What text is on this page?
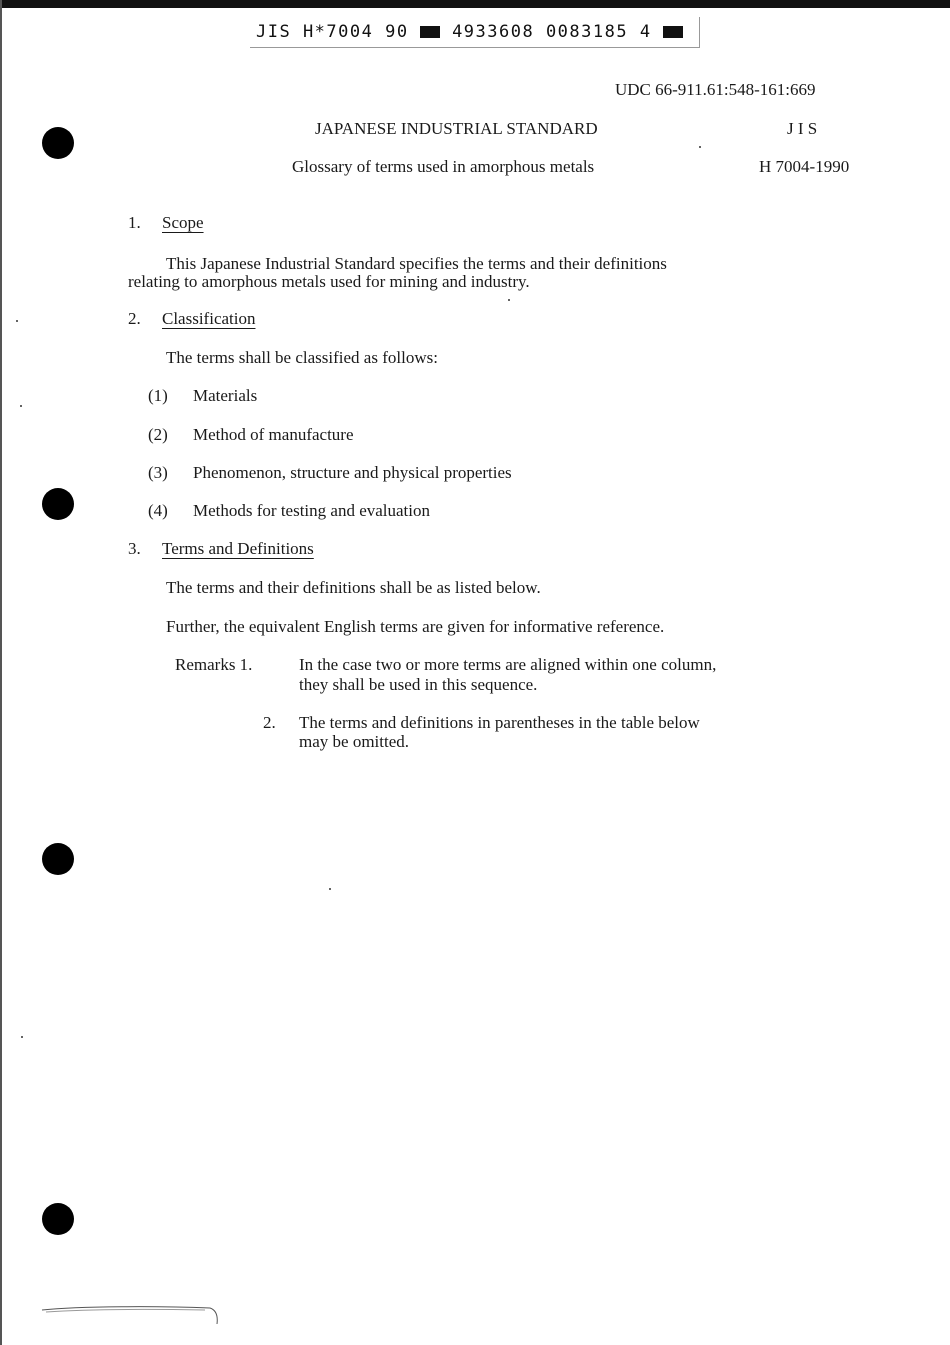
JIS H*7004 90	4933608 0083185 4
UDC 66-911.61:548-161:669
JAPANESE INDUSTRIAL STANDARD	J I S
Glossary of terms used in amorphous metals	H 7004-1990
1. Scope
This Japanese Industrial Standard specifies the terms and their definitions
relating to amorphous metals used for mining and industry.
2. Classification
The terms shall be classified as follows:
(1) Materials
(2) Method of manufacture
(3) Phenomenon, structure and physical properties
(4) Methods for testing and evaluation
3. Terms and Definitions
The terms and their definitions shall be as listed below.
Further, the equivalent English terms are given for informative reference.
Remarks 1.	In the case two or more terms are aligned within one column,
they shall be used in this sequence.
2. The terms and definitions in parentheses in the table below
may be omitted.
